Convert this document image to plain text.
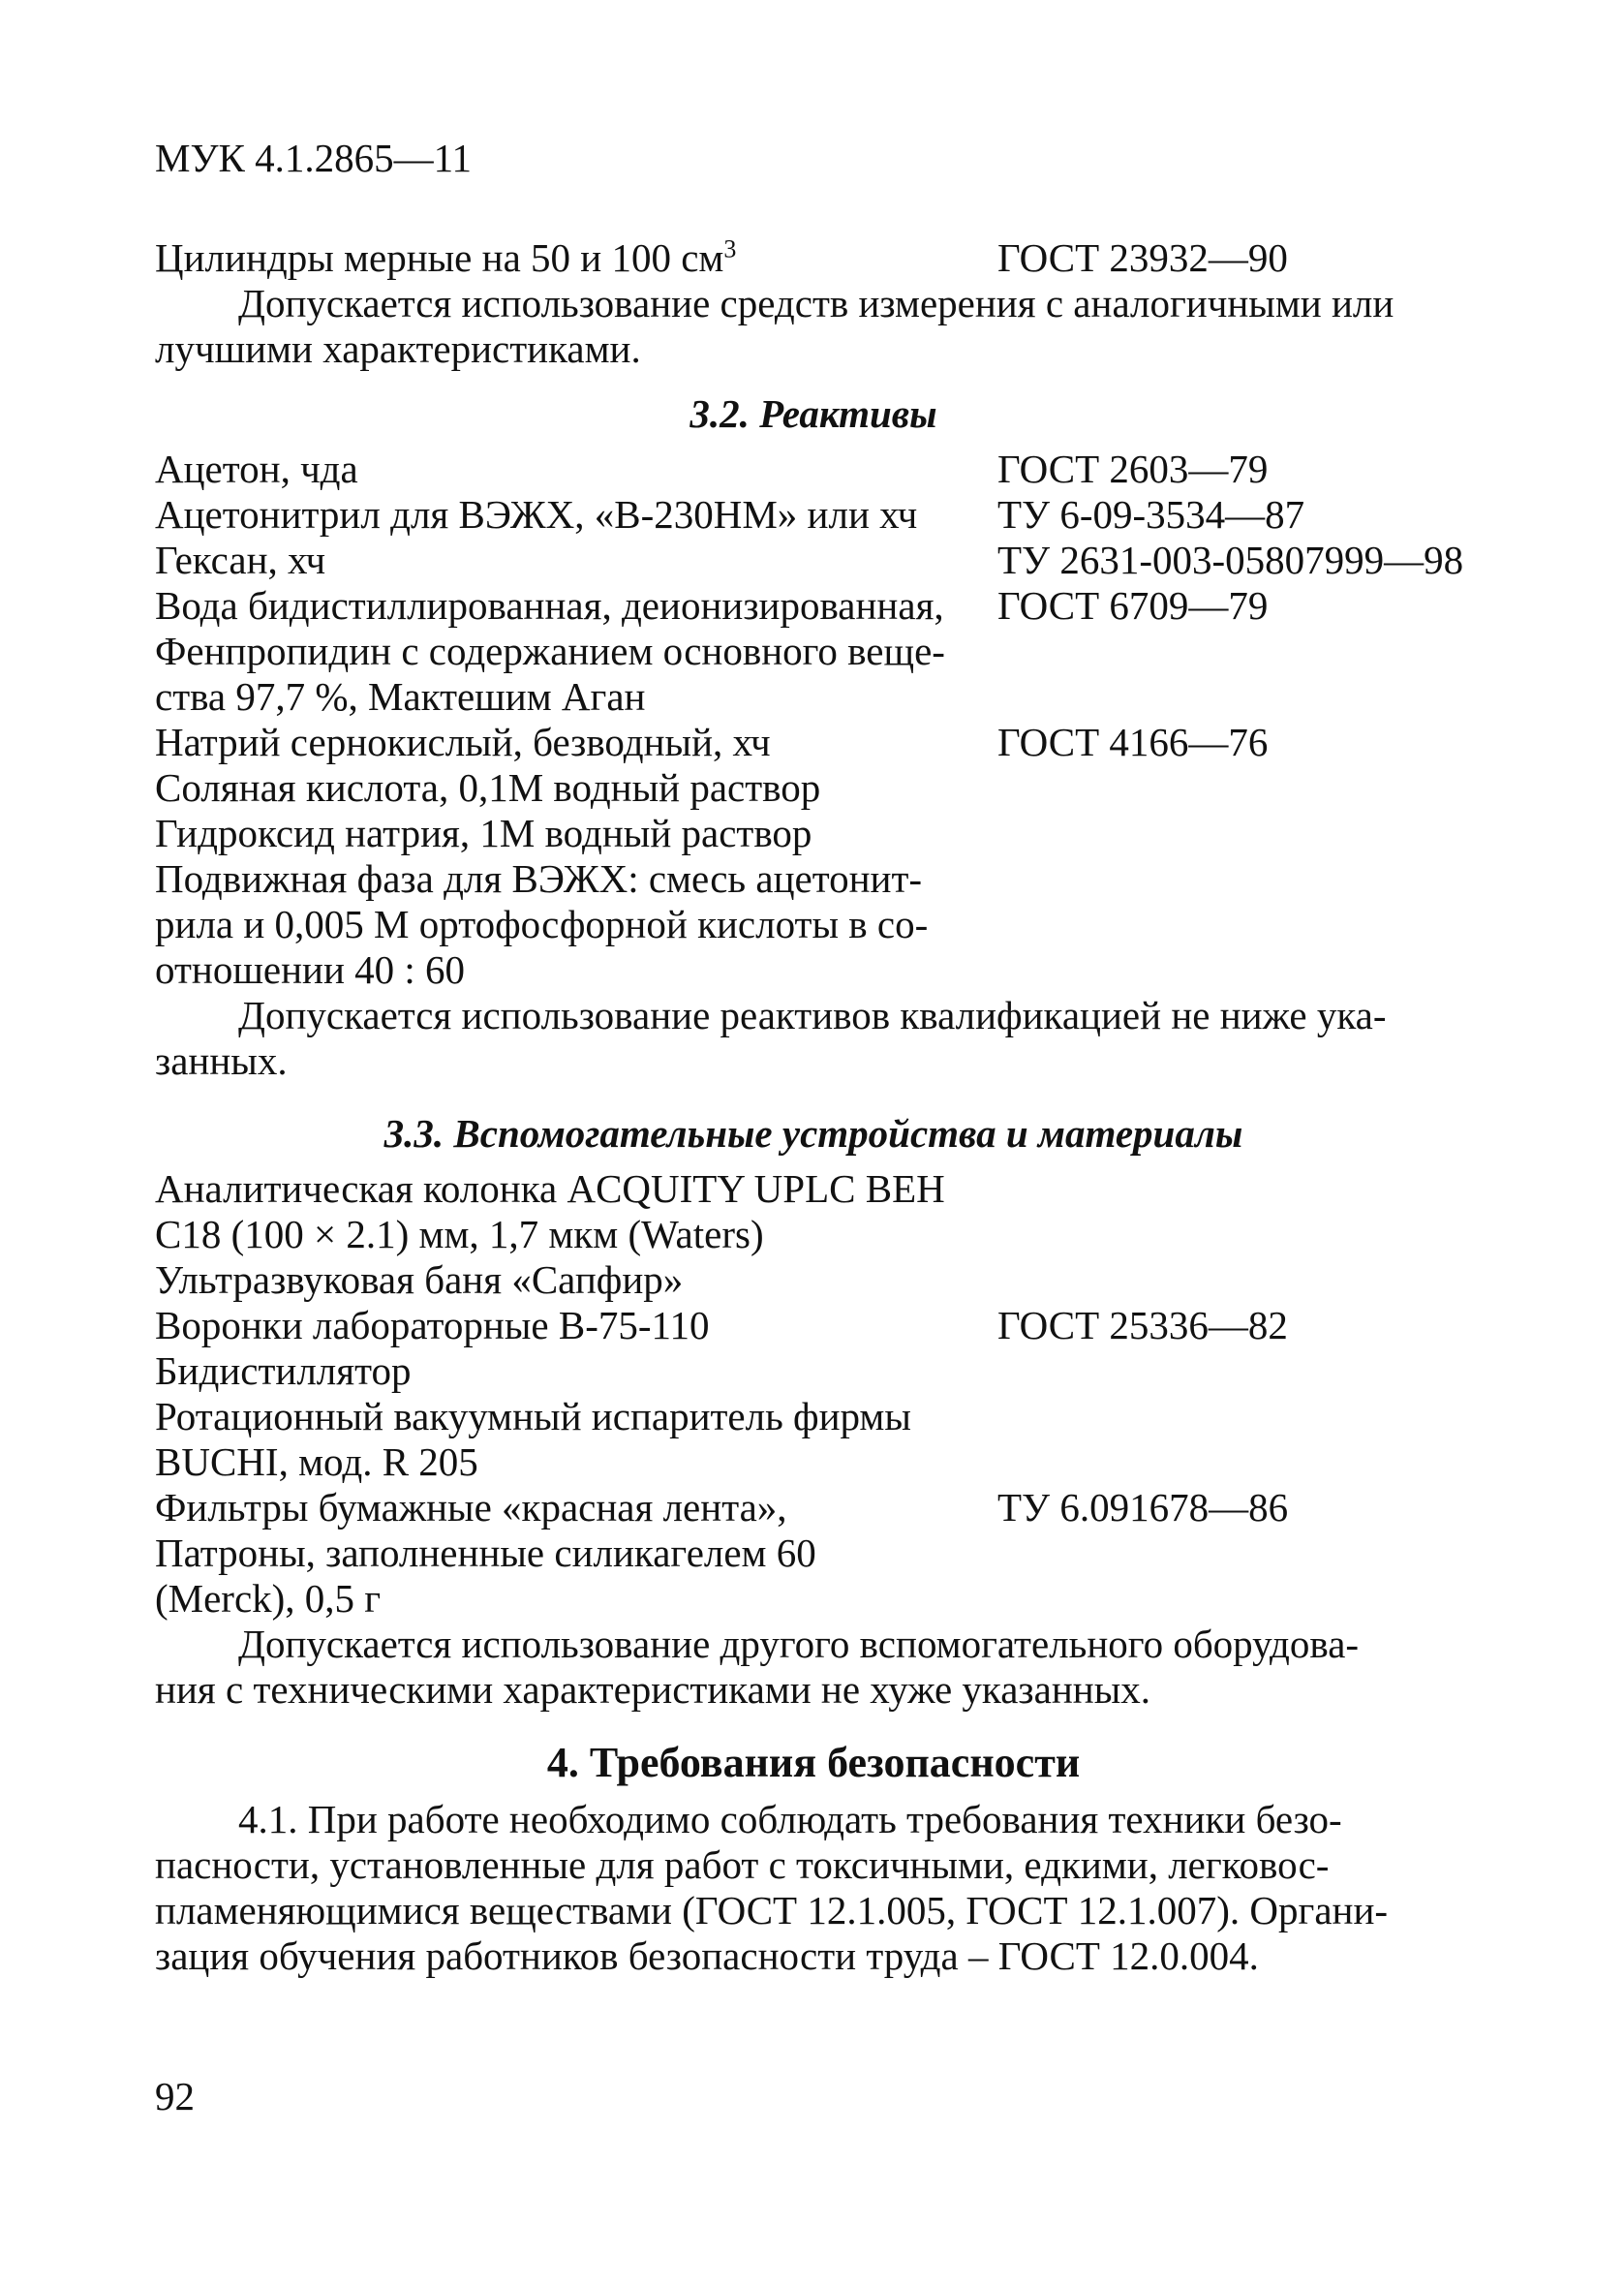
МУК 4.1.2865—11
Цилиндры мерные на 50 и 100 $см^3$	ГОСТ 23932—90

Допускается использование средств измерения с аналогичными или

лучшими характеристиками.

3.2. Реактивы
Ацетон, чда	ГОСТ 2603—79
Ацетонитрил для ВЭЖХ, «В-230НМ» или хч	ТУ 6-09-3534—87
Гексан, хч	ТУ 2631-003-05807999—98
Вода бидистиллированная, деионизированная,	ГОСТ 6709—79
Фенпропидин с содержанием основного веще-
ства 97,7 %, Мактешим Аган
Натрий сернокислый, безводный, хч	ГОСТ 4166—76
Соляная кислота, 0,1М водный раствор
Гидроксид натрия, 1М водный раствор
Подвижная фаза для ВЭЖХ: смесь ацетонит-
рила и 0,005 М ортофосфорной кислоты в со-
отношении 40 : 60

Допускается использование реактивов квалификацией не ниже ука-

занных.

3.3. Вспомогательные устройства и материалы
Аналитическая колонка ACQUITY UPLC BEH
C18 (100 × 2.1) мм, 1,7 мкм (Waters)
Ультразвуковая баня «Сапфир»
Воронки лабораторные В-75-110	ГОСТ 25336—82
Бидистиллятор
Ротационный вакуумный испаритель фирмы
BUCHI, мод. R 205
Фильтры бумажные «красная лента»,	ТУ 6.091678—86
Патроны, заполненные силикагелем 60
(Merck), 0,5 г

Допускается использование другого вспомогательного оборудова-

ния с техническими характеристиками не хуже указанных.

4. Требования безопасности

4.1. При работе необходимо соблюдать требования техники безо-

пасности, установленные для работ с токсичными, едкими, легковос-

пламеняющимися веществами (ГОСТ 12.1.005, ГОСТ 12.1.007). Органи-

зация обучения работников безопасности труда – ГОСТ 12.0.004.

92
